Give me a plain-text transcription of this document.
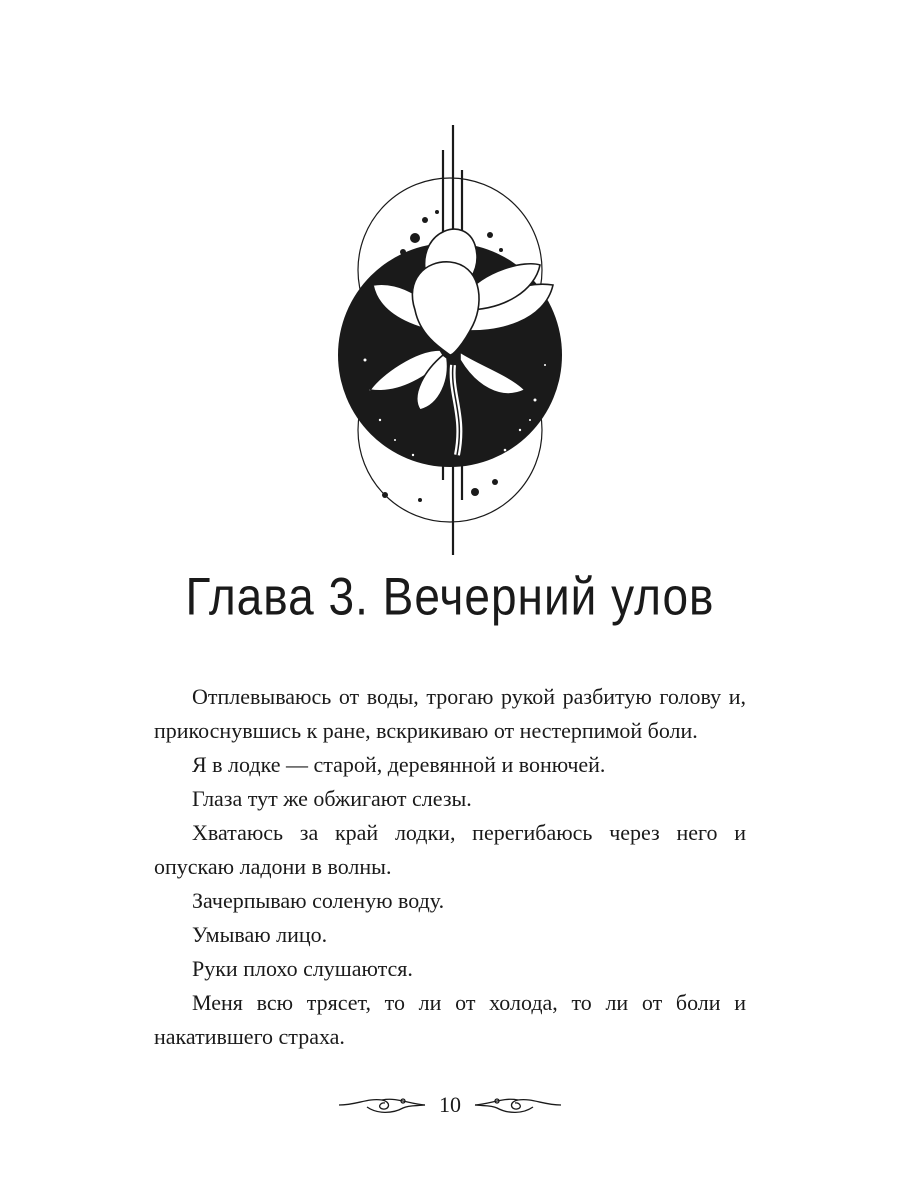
Глава 3. Вечерний улов

Отплевываюсь от воды, трогаю рукой разбитую голову и, прикоснувшись к ране, вскрикиваю от нестерпимой боли.

Я в лодке — старой, деревянной и вонючей.

Глаза тут же обжигают слезы.

Хватаюсь за край лодки, перегибаюсь через него и опускаю ладони в волны.

Зачерпываю соленую воду.

Умываю лицо.

Руки плохо слушаются.

Меня всю трясет, то ли от холода, то ли от боли и накатившего страха.

10
